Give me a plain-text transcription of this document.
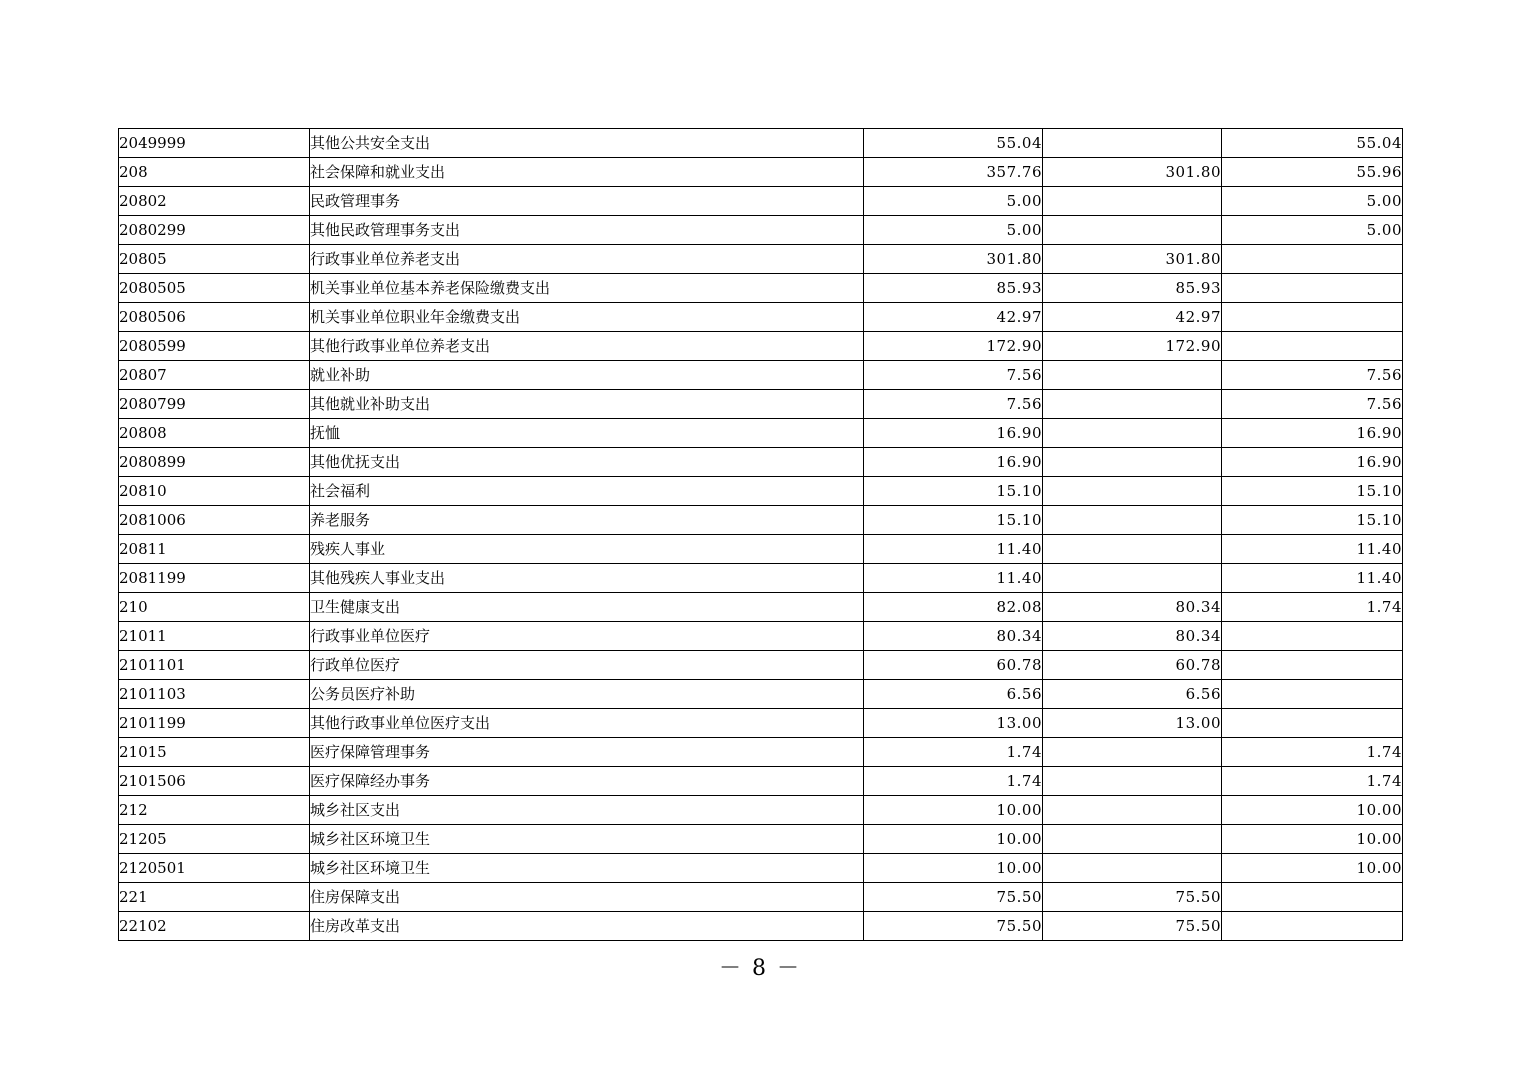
2049999	其他公共安全支出	55.04		55.04
208	社会保障和就业支出	357.76	301.80	55.96
20802	民政管理事务	5.00		5.00
2080299	其他民政管理事务支出	5.00		5.00
20805	行政事业单位养老支出	301.80	301.80	
2080505	机关事业单位基本养老保险缴费支出	85.93	85.93	
2080506	机关事业单位职业年金缴费支出	42.97	42.97	
2080599	其他行政事业单位养老支出	172.90	172.90	
20807	就业补助	7.56		7.56
2080799	其他就业补助支出	7.56		7.56
20808	抚恤	16.90		16.90
2080899	其他优抚支出	16.90		16.90
20810	社会福利	15.10		15.10
2081006	养老服务	15.10		15.10
20811	残疾人事业	11.40		11.40
2081199	其他残疾人事业支出	11.40		11.40
210	卫生健康支出	82.08	80.34	1.74
21011	行政事业单位医疗	80.34	80.34	
2101101	行政单位医疗	60.78	60.78	
2101103	公务员医疗补助	6.56	6.56	
2101199	其他行政事业单位医疗支出	13.00	13.00	
21015	医疗保障管理事务	1.74		1.74
2101506	医疗保障经办事务	1.74		1.74
212	城乡社区支出	10.00		10.00
21205	城乡社区环境卫生	10.00		10.00
2120501	城乡社区环境卫生	10.00		10.00
221	住房保障支出	75.50	75.50	
22102	住房改革支出	75.50	75.50	
－ 8 －
